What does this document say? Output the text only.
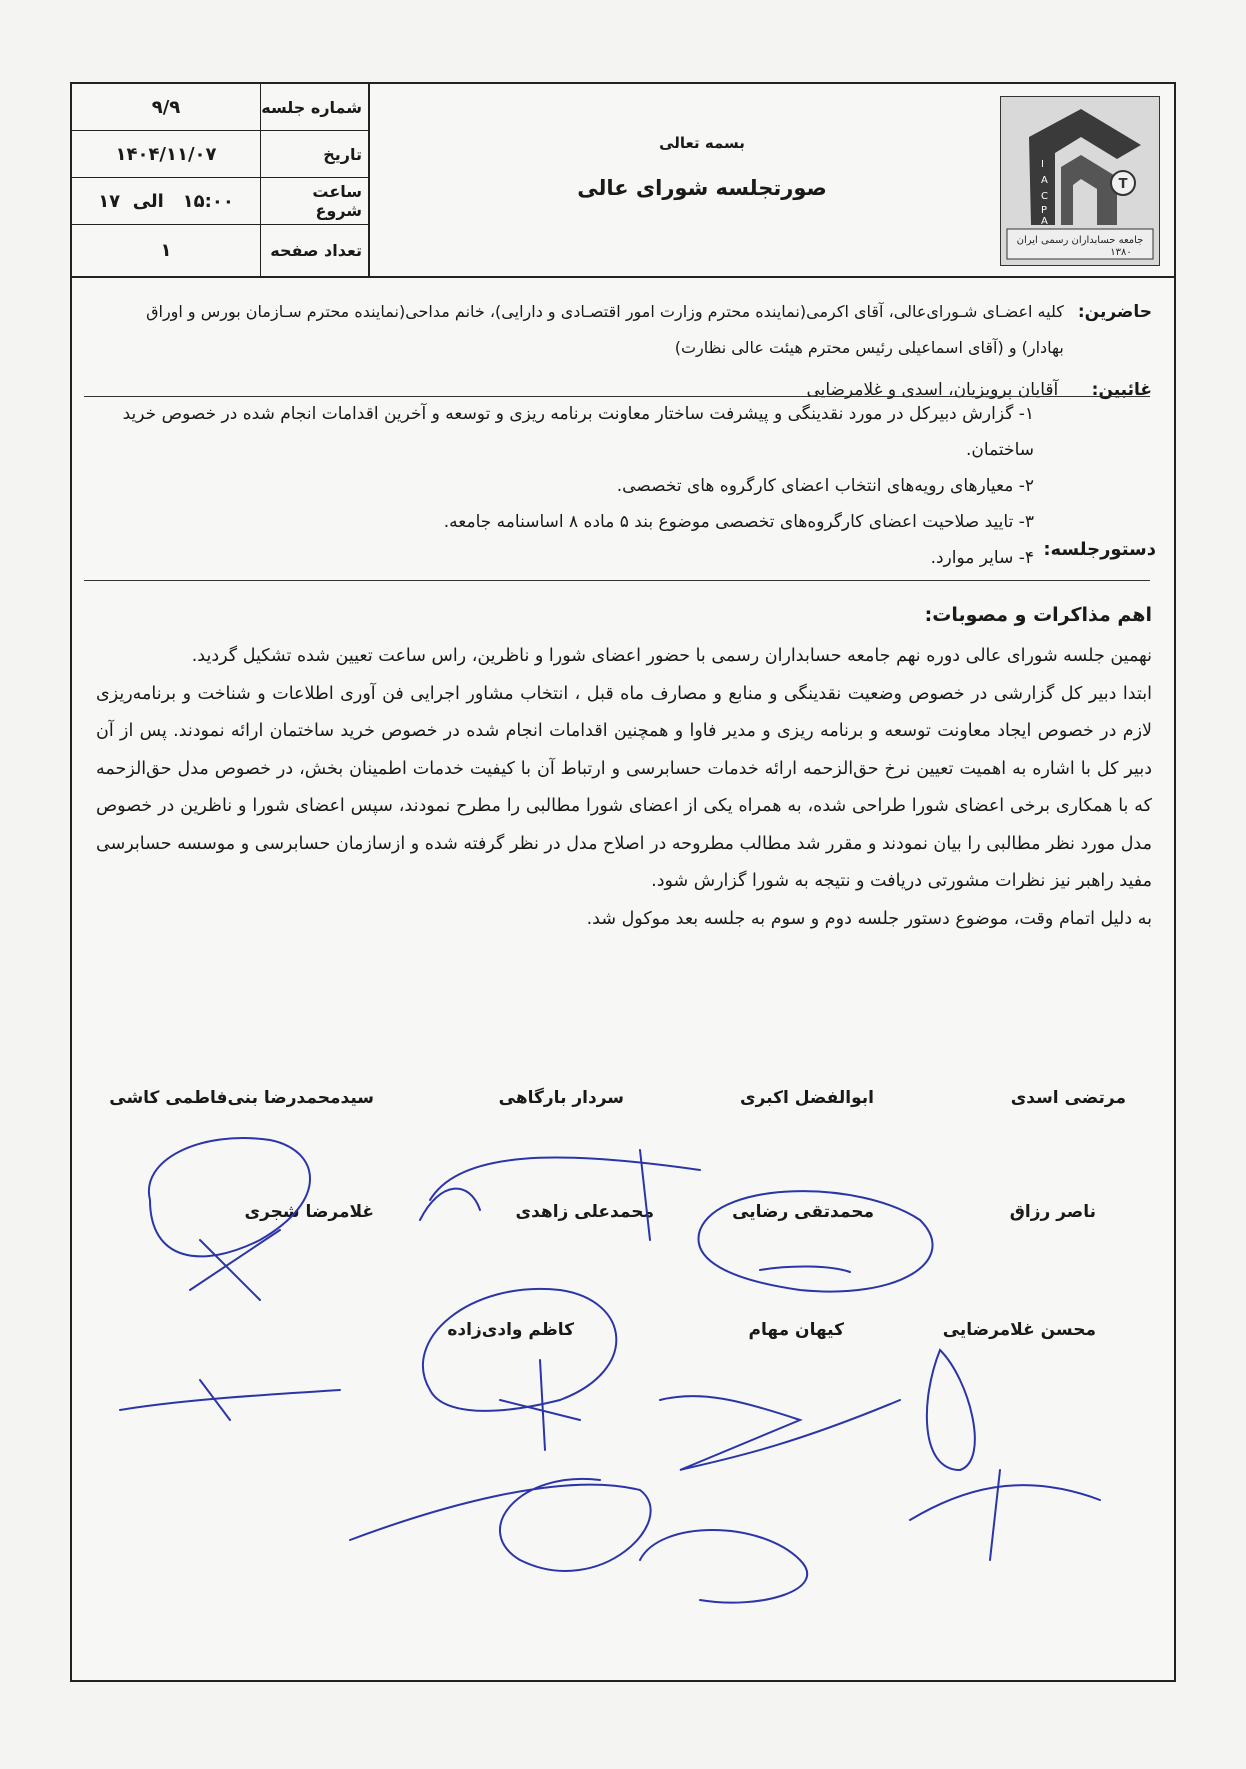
شماره جلسه
۹/۹
تاریخ
۱۴۰۴/۱۱/۰۷
ساعت شروع
۱۵:۰۰   الی  ۱۷
تعداد صفحه
۱
بسمه تعالی
صورتجلسه شورای عالی	T
I
A
C
P
A
جامعه حسابداران رسمی ایران
۱۳۸۰
حاضرین:
کلیه اعضـای شـورای‌عالی، آقای اکرمی(نماینده محترم وزارت امور اقتصـادی و دارایی)، خانم مداحی(نماینده محترم سـازمان بورس و اوراق بهادار) و (آقای اسماعیلی رئیس محترم هیئت عالی نظارت)
غائبین: آقایان پرویزیان، اسدی و غلامرضایی
دستورجلسه:

۱- گزارش دبیرکل در مورد نقدینگی و پیشرفت ساختار معاونت برنامه ریزی و توسعه و آخرین اقدامات انجام شده در خصوص خرید ساختمان.

۲- معیارهای رویه‌های انتخاب اعضای کارگروه های تخصصی.

۳- تایید صلاحیت اعضای کارگروه‌های تخصصی موضوع بند ۵ ماده ۸ اساسنامه جامعه.

۴- سایر موارد.

اهم مذاکرات و مصوبات:

نهمین جلسه شورای عالی دوره نهم جامعه حسابداران رسمی با حضور اعضای شورا و ناظرین، راس ساعت تعیین شده تشکیل گردید.

ابتدا دبیر کل گزارشی در خصوص وضعیت نقدینگی و منابع و مصارف ماه قبل ، انتخاب مشاور اجرایی فن آوری اطلاعات و شناخت و برنامه‌ریزی لازم در خصوص ایجاد معاونت توسعه و برنامه ریزی و مدیر فاوا و همچنین اقدامات انجام شده در خصوص خرید ساختمان ارائه نمودند. پس از آن دبیر کل با اشاره به اهمیت تعیین نرخ حق‌الزحمه ارائه خدمات حسابرسی و ارتباط آن با کیفیت خدمات اطمینان بخش، در خصوص مدل حق‌الزحمه که با همکاری برخی اعضای شورا طراحی شده، به همراه یکی از اعضای شورا مطالبی را مطرح نمودند، سپس اعضای شورا و ناظرین در خصوص مدل مورد نظر مطالبی را بیان نمودند و مقرر شد مطالب مطروحه در اصلاح مدل در نظر گرفته شده و ازسازمان حسابرسی و موسسه حسابرسی مفید راهبر نیز نظرات مشورتی دریافت و نتیجه به شورا گزارش شود.

به دلیل اتمام وقت، موضوع دستور جلسه دوم و سوم به جلسه بعد موکول شد.

مرتضی اسدی
ابوالفضل اکبری
سردار بارگاهی
سیدمحمدرضا بنی‌فاطمی کاشی
ناصر رزاق
محمدتقی رضایی
محمدعلی زاهدی
غلامرضا شجری
محسن غلامرضایی
کیهان مهام
کاظم وادی‌زاده
